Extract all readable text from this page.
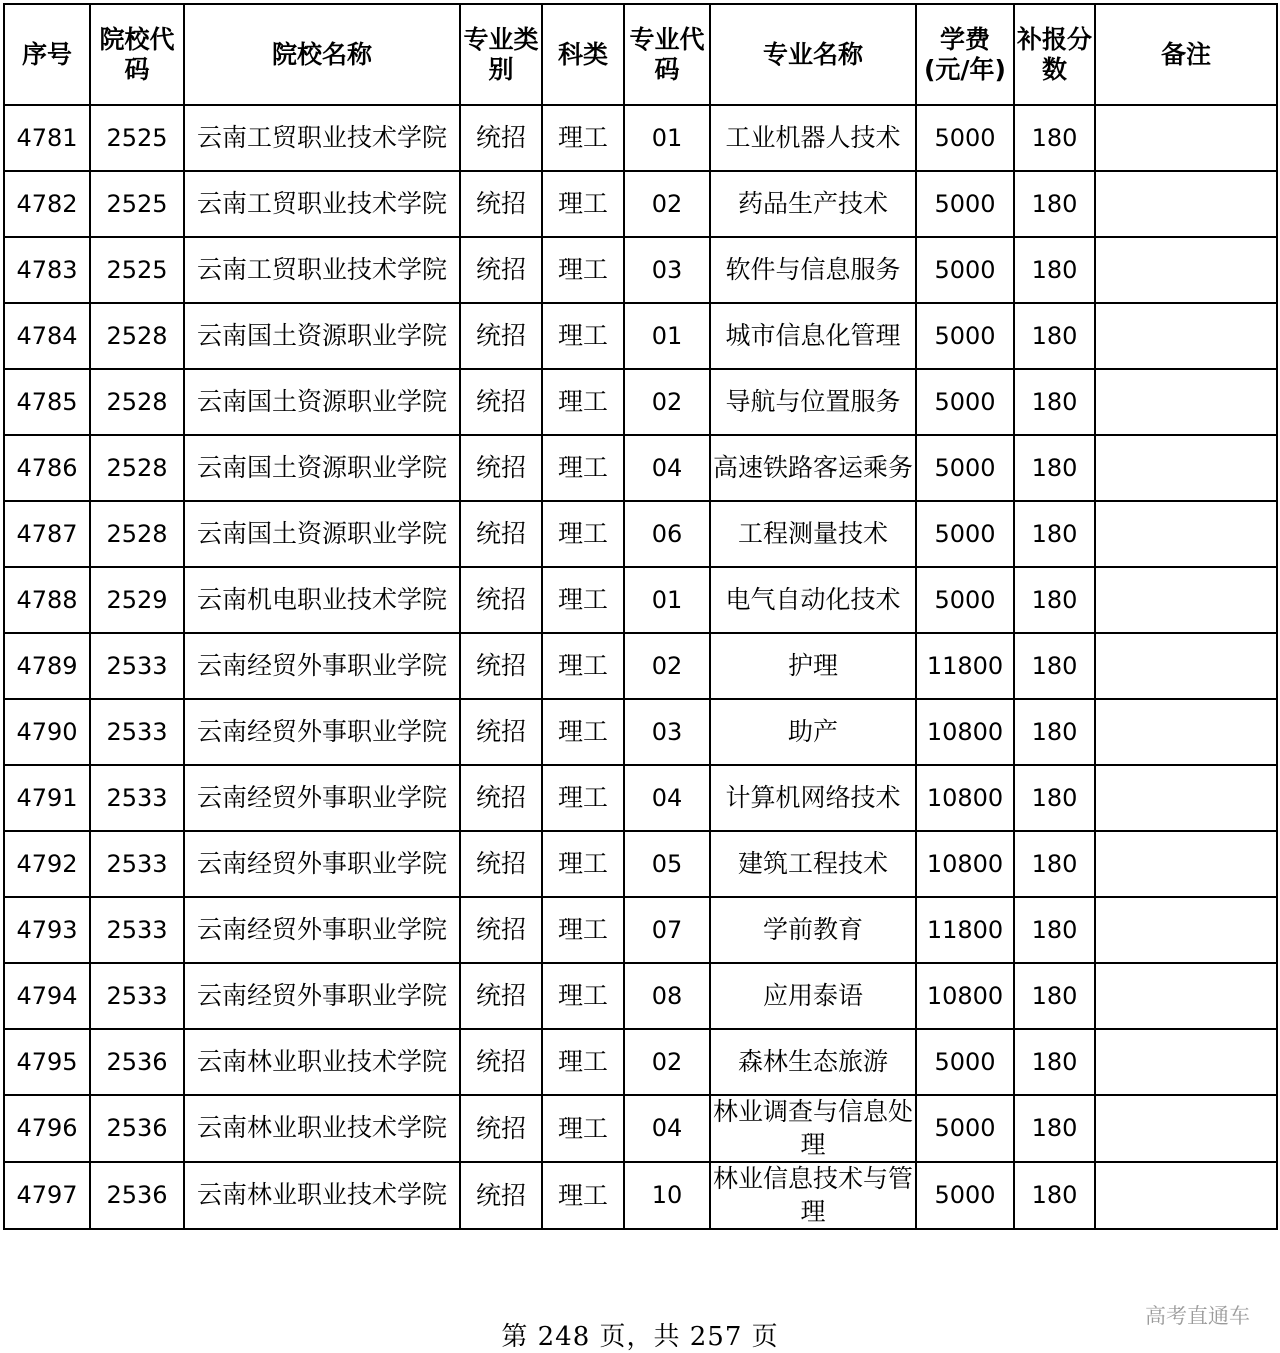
序号	院校代码	院校名称	专业类别	科类	专业代码	专业名称	学费(元/年)	补报分数	备注
4781	2525	云南工贸职业技术学院	统招	理工	01	工业机器人技术	5000	180	
4782	2525	云南工贸职业技术学院	统招	理工	02	药品生产技术	5000	180	
4783	2525	云南工贸职业技术学院	统招	理工	03	软件与信息服务	5000	180	
4784	2528	云南国土资源职业学院	统招	理工	01	城市信息化管理	5000	180	
4785	2528	云南国土资源职业学院	统招	理工	02	导航与位置服务	5000	180	
4786	2528	云南国土资源职业学院	统招	理工	04	高速铁路客运乘务	5000	180	
4787	2528	云南国土资源职业学院	统招	理工	06	工程测量技术	5000	180	
4788	2529	云南机电职业技术学院	统招	理工	01	电气自动化技术	5000	180	
4789	2533	云南经贸外事职业学院	统招	理工	02	护理	11800	180	
4790	2533	云南经贸外事职业学院	统招	理工	03	助产	10800	180	
4791	2533	云南经贸外事职业学院	统招	理工	04	计算机网络技术	10800	180	
4792	2533	云南经贸外事职业学院	统招	理工	05	建筑工程技术	10800	180	
4793	2533	云南经贸外事职业学院	统招	理工	07	学前教育	11800	180	
4794	2533	云南经贸外事职业学院	统招	理工	08	应用泰语	10800	180	
4795	2536	云南林业职业技术学院	统招	理工	02	森林生态旅游	5000	180	
4796	2536	云南林业职业技术学院	统招	理工	04	林业调查与信息处理	5000	180	
4797	2536	云南林业职业技术学院	统招	理工	10	林业信息技术与管理	5000	180	
第 248 页，共 257 页
高考直通车
